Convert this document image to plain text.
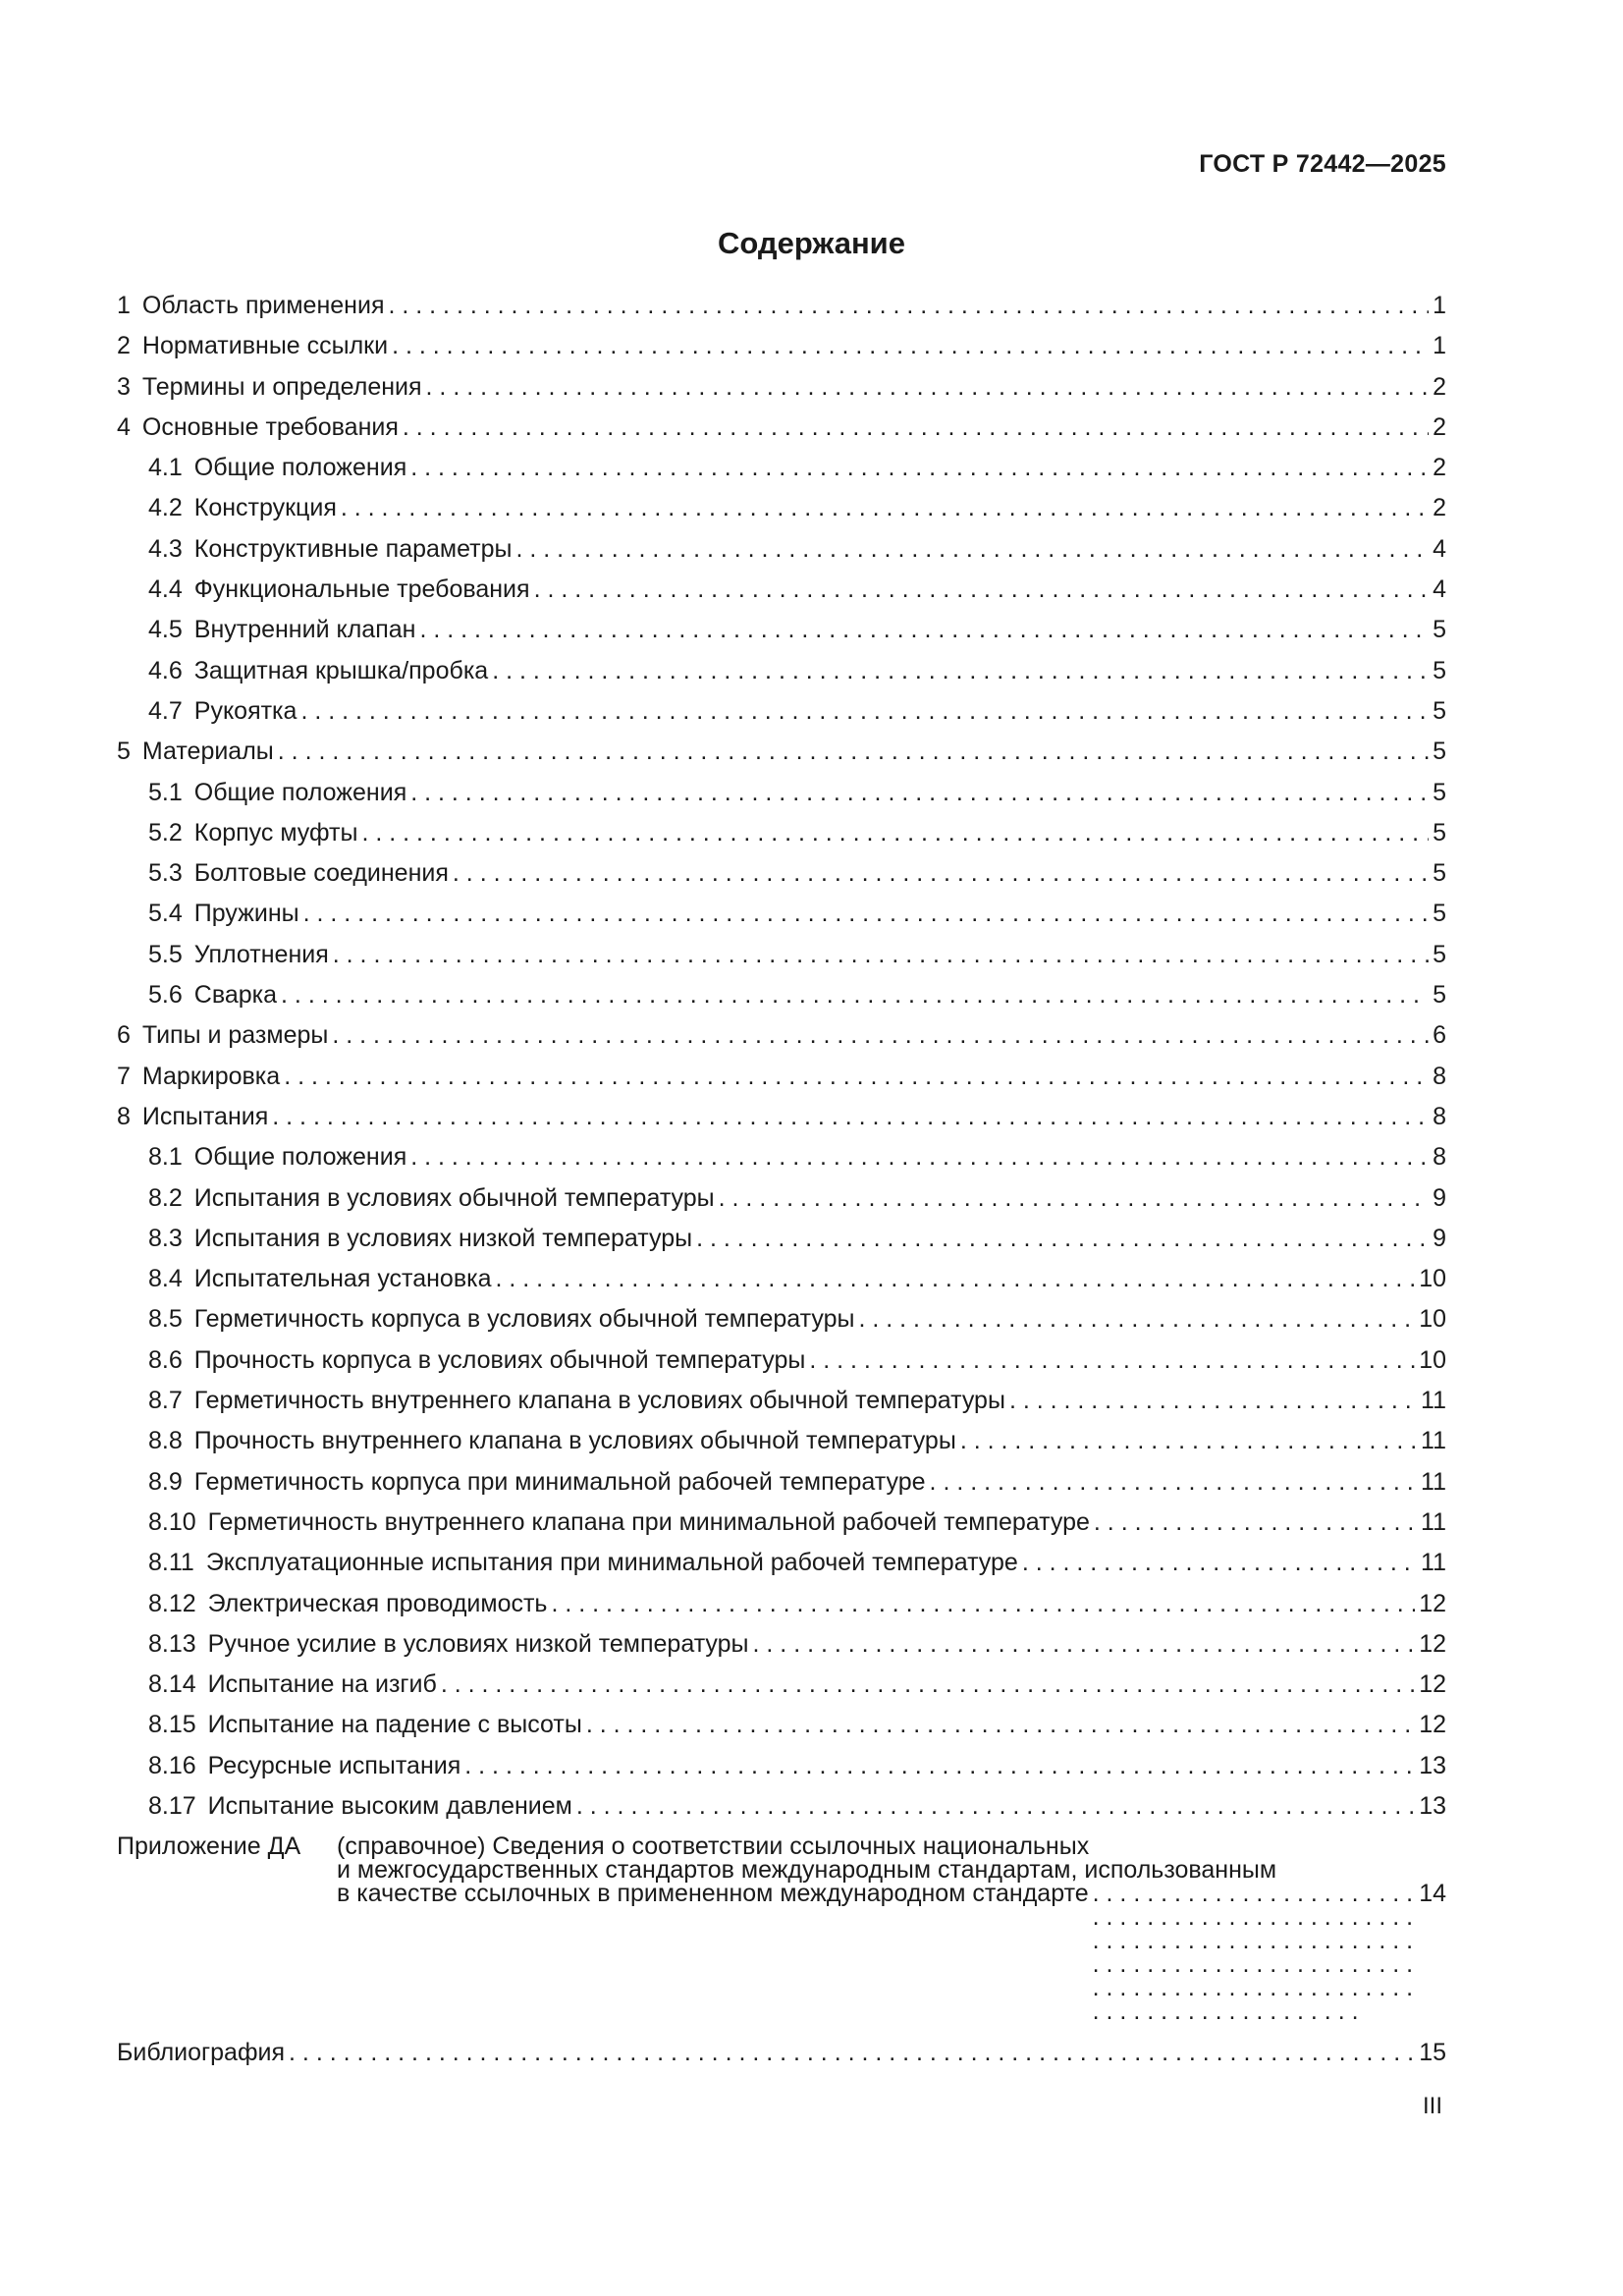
ГОСТ Р 72442—2025
Содержание
1 Область применения . . .	1
2 Нормативные ссылки . . .	1
3 Термины и определения . . .	2
4 Основные требования . . .	2
4.1 Общие положения . . .	2
4.2 Конструкция . . .	2
4.3 Конструктивные параметры . . .	4
4.4 Функциональные требования . . .	4
4.5 Внутренний клапан . . .	5
4.6 Защитная крышка/пробка . . .	5
4.7 Рукоятка . . .	5
5 Материалы . . .	5
5.1 Общие положения . . .	5
5.2 Корпус муфты . . .	5
5.3 Болтовые соединения . . .	5
5.4 Пружины . . .	5
5.5 Уплотнения . . .	5
5.6 Сварка . . .	5
6 Типы и размеры . . .	6
7 Маркировка . . .	8
8 Испытания . . .	8
8.1 Общие положения . . .	8
8.2 Испытания в условиях обычной температуры . . .	9
8.3 Испытания в условиях низкой температуры . . .	9
8.4 Испытательная установка . . .	10
8.5 Герметичность корпуса в условиях обычной температуры . . .	10
8.6 Прочность корпуса в условиях обычной температуры . . .	10
8.7 Герметичность внутреннего клапана в условиях обычной температуры . . .	11
8.8 Прочность внутреннего клапана в условиях обычной температуры . . .	11
8.9 Герметичность корпуса при минимальной рабочей температуре . . .	11
8.10 Герметичность внутреннего клапана при минимальной рабочей температуре . . .	11
8.11 Эксплуатационные испытания при минимальной рабочей температуре . . .	11
8.12 Электрическая проводимость . . .	12
8.13 Ручное усилие в условиях низкой температуры . . .	12
8.14 Испытание на изгиб . . .	12
8.15 Испытание на падение с высоты . . .	12
8.16 Ресурсные испытания . . .	13
8.17 Испытание высоким давлением . . .	13
Приложение ДА	(справочное) Сведения о соответствии ссылочных национальных
и межгосударственных стандартов международным стандартам, использованным
в качестве ссылочных в примененном международном стандарте . . .	14
Библиография . . .	15
III
